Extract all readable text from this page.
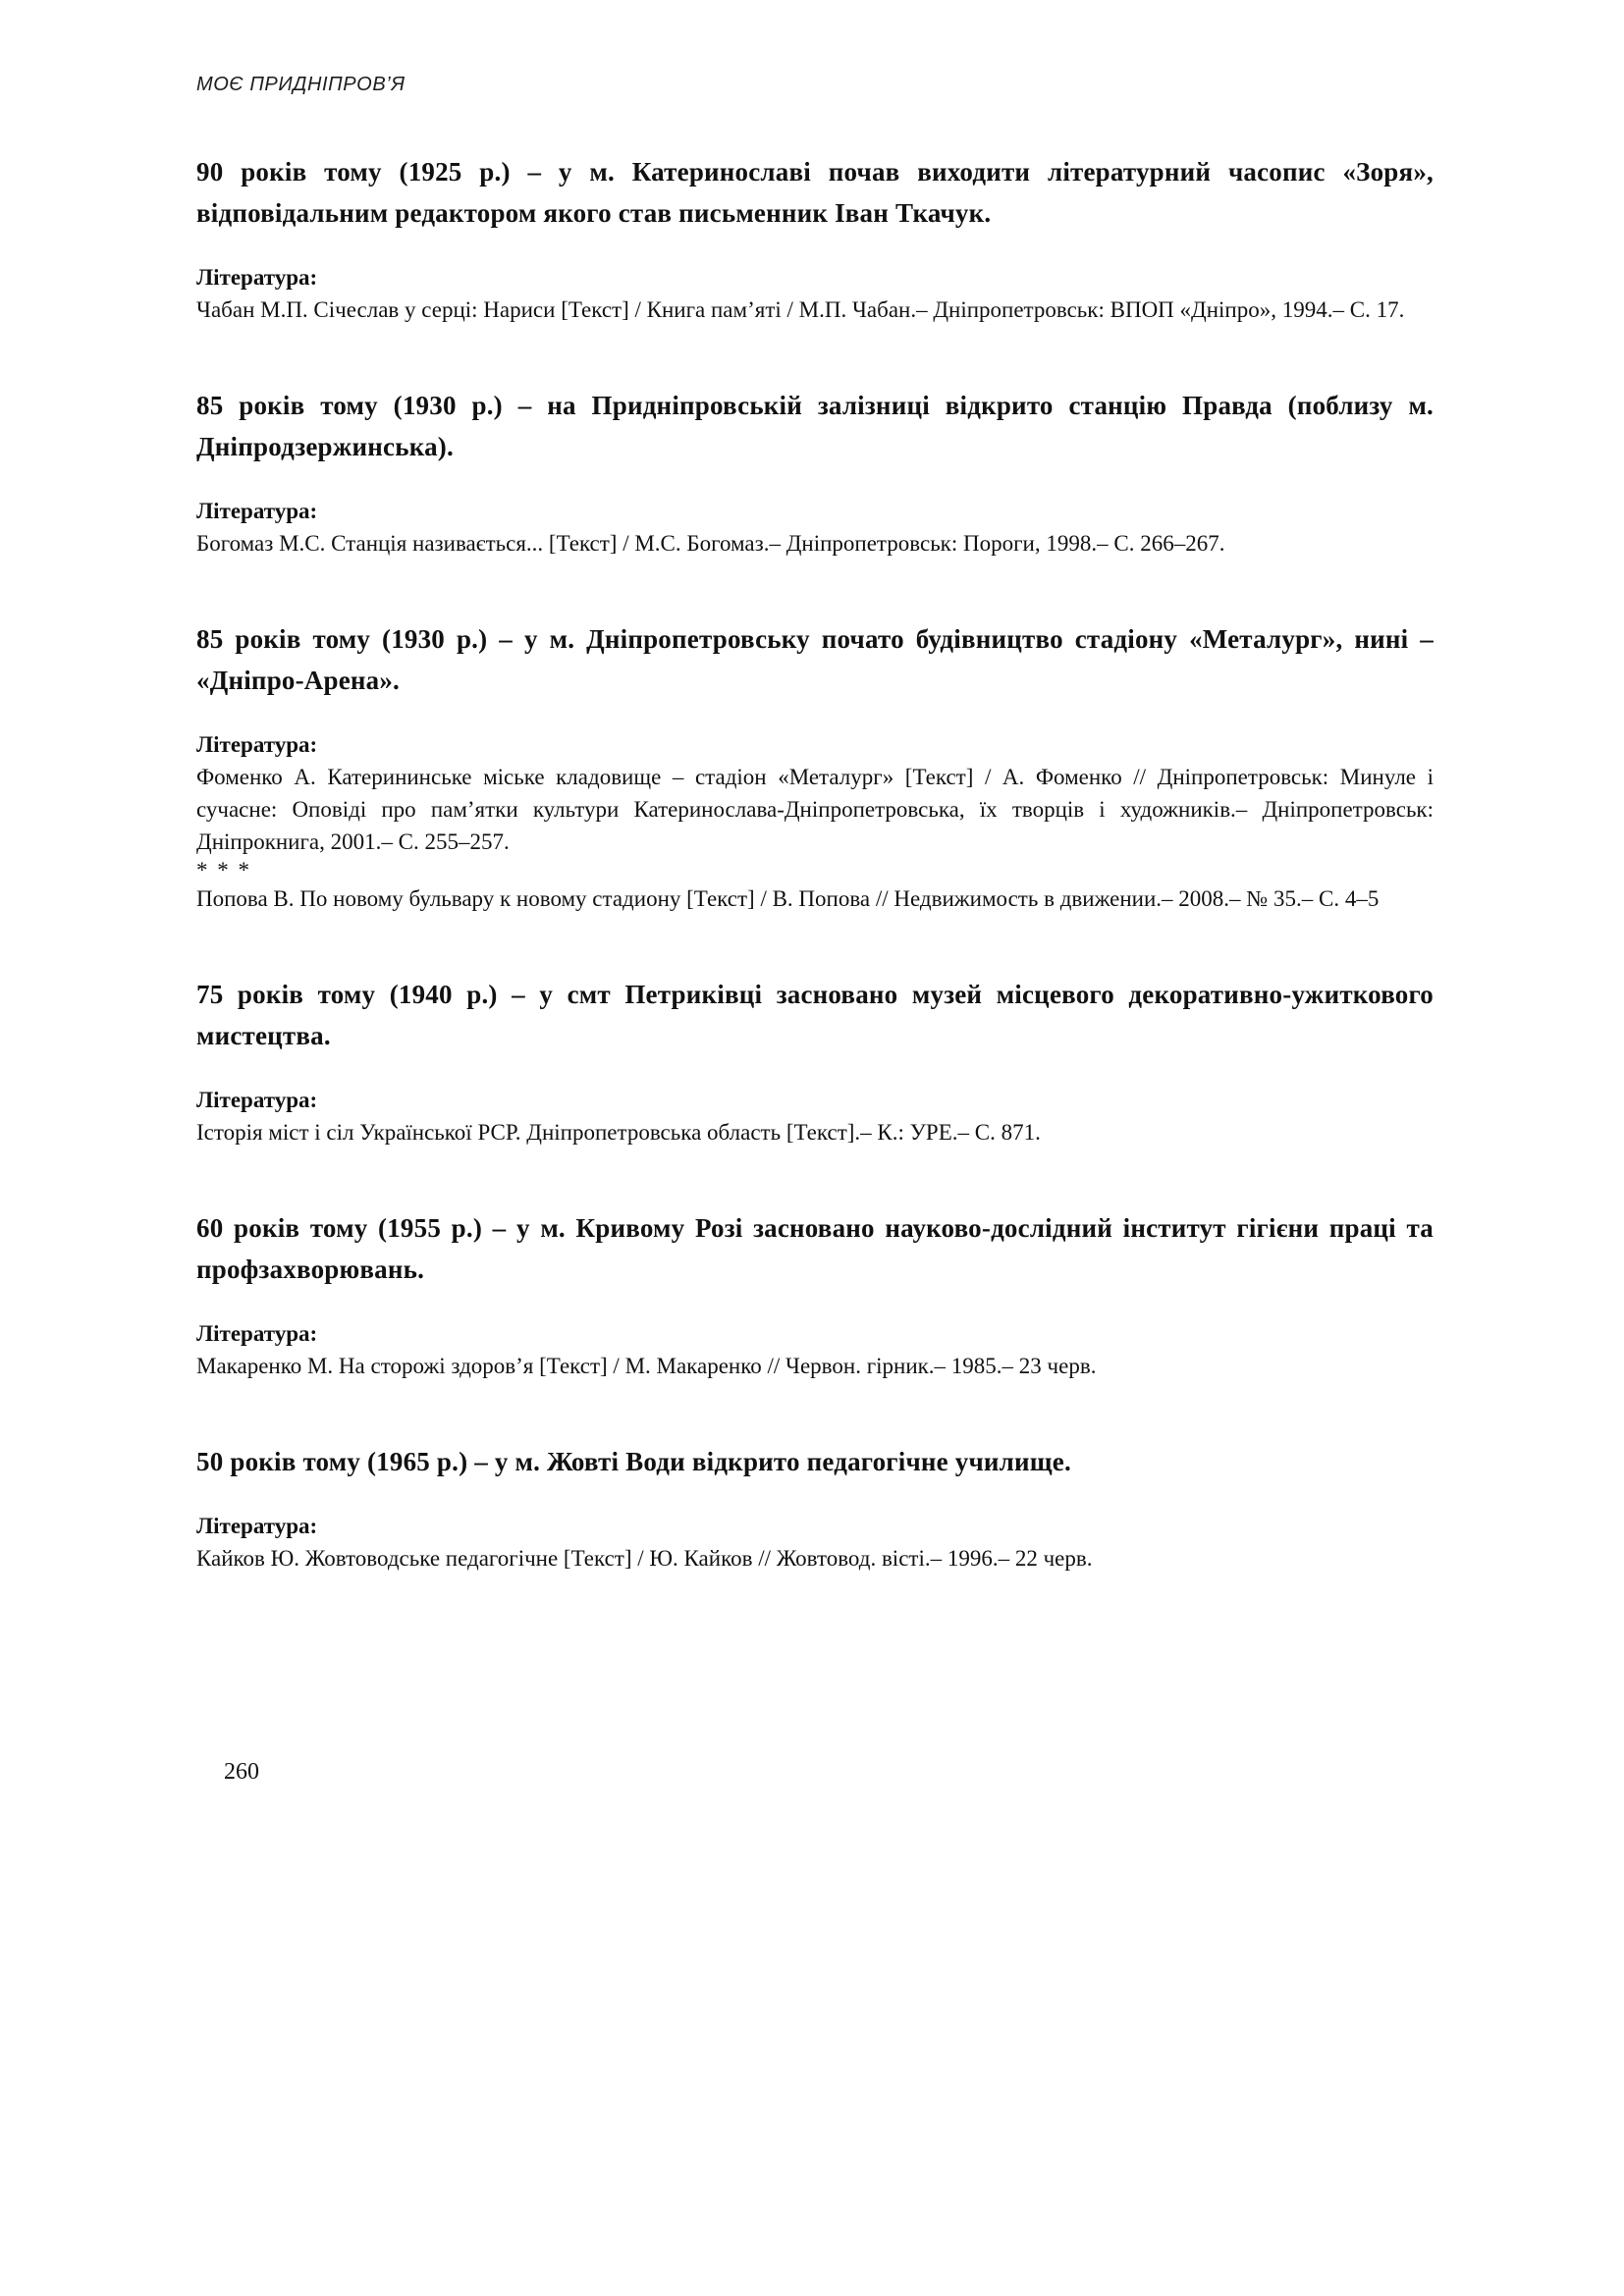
МОЄ ПРИДНІПРОВ’Я

90 років тому (1925 р.) – у м. Катеринославі почав виходити літературний часопис «Зоря», відповідальним редактором якого став письменник Іван Ткачук.

Література:

Чабан М.П. Січеслав у серці: Нариси [Текст] / Книга пам’яті / М.П. Чабан.– Дніпропетровськ: ВПОП «Дніпро», 1994.– С. 17.

85 років тому (1930 р.) – на Придніпровській залізниці відкрито станцію Правда (поблизу м. Дніпродзержинська).

Література:

Богомаз М.С. Станція називається... [Текст] / М.С. Богомаз.– Дніпропетровськ: Пороги, 1998.– С. 266–267.

85 років тому (1930 р.) – у м. Дніпропетровську почато будівництво стадіону «Металург», нині – «Дніпро-Арена».

Література:

Фоменко А. Катерининське міське кладовище – стадіон «Металург» [Текст] / А. Фоменко // Дніпропетровськ: Минуле і сучасне: Оповіді про пам’ятки культури Катеринослава-Дніпропетровська, їх творців і художників.– Дніпропетровськ: Дніпрокнига, 2001.– С. 255–257.

* * *

Попова В. По новому бульвару к новому стадиону [Текст] / В. Попова // Недвижимость в движении.– 2008.– № 35.– С. 4–5

75 років тому (1940 р.) – у смт Петриківці засновано музей місцевого декоративно-ужиткового мистецтва.

Література:

Історія міст і сіл Української РСР. Дніпропетровська область [Текст].– К.: УРЕ.– С. 871.

60 років тому (1955 р.) – у м. Кривому Розі засновано науково-дослідний інститут гігієни праці та профзахворювань.

Література:

Макаренко М. На сторожі здоров’я [Текст] / М. Макаренко // Червон. гірник.– 1985.– 23 черв.

50 років тому (1965 р.) – у м. Жовті Води відкрито педагогічне училище.

Література:

Кайков Ю. Жовтоводське педагогічне [Текст] / Ю. Кайков // Жовтовод. вісті.– 1996.– 22 черв.

260
